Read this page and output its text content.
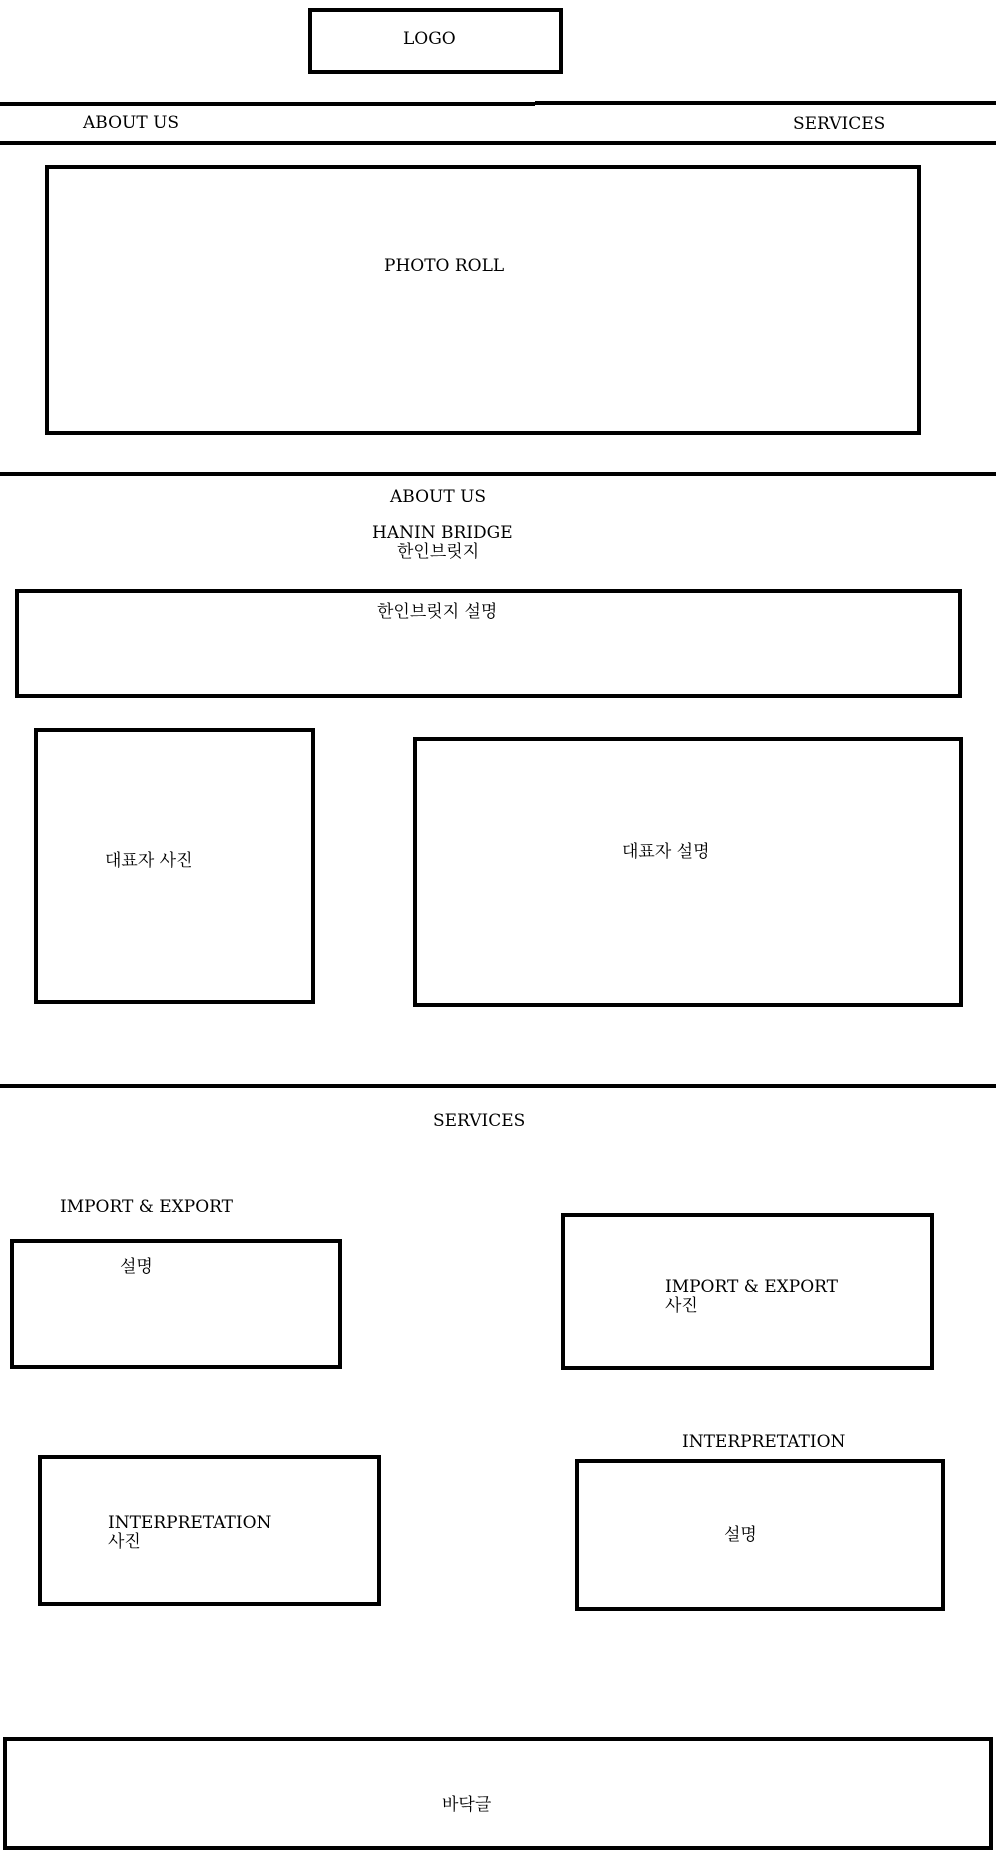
LOGO
ABOUT US	SERVICES
PHOTO ROLL
ABOUT US
HANIN BRIDGE
한인브릿지
한인브릿지 설명
대표자 사진	대표자 설명
SERVICES
IMPORT & EXPORT
설명
IMPORT & EXPORT
사진
INTERPRETATION
사진
INTERPRETATION
설명
바닥글
